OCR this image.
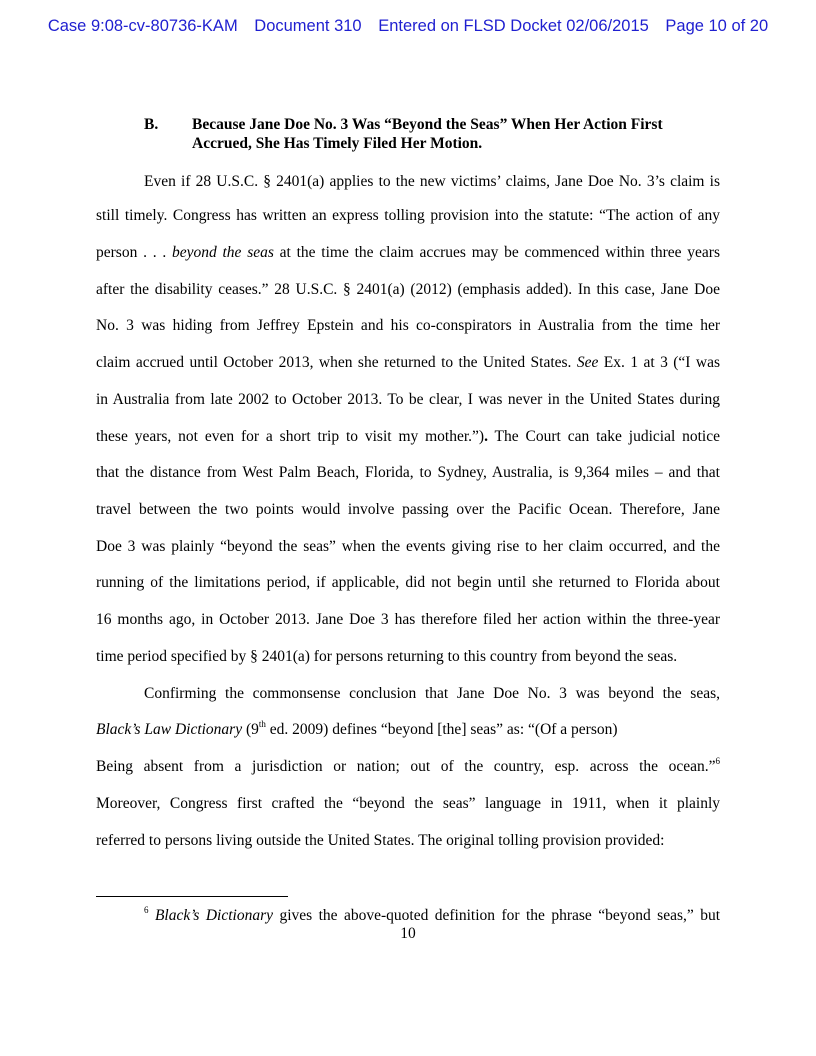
Case 9:08-cv-80736-KAM Document 310 Entered on FLSD Docket 02/06/2015 Page 10 of 20
B. Because Jane Doe No. 3 Was “Beyond the Seas” When Her Action First
Accrued, She Has Timely Filed Her Motion.
Even if 28 U.S.C. § 2401(a) applies to the new victims’ claims, Jane Doe No. 3’s claim is
still timely. Congress has written an express tolling provision into the statute: “The action of any
person . . . beyond the seas at the time the claim accrues may be commenced within three years
after the disability ceases.” 28 U.S.C. § 2401(a) (2012) (emphasis added). In this case, Jane Doe
No. 3 was hiding from Jeffrey Epstein and his co-conspirators in Australia from the time her
claim accrued until October 2013, when she returned to the United States. See Ex. 1 at 3 (“I was
in Australia from late 2002 to October 2013. To be clear, I was never in the United States during
these years, not even for a short trip to visit my mother.”). The Court can take judicial notice
that the distance from West Palm Beach, Florida, to Sydney, Australia, is 9,364 miles – and that
travel between the two points would involve passing over the Pacific Ocean. Therefore, Jane
Doe 3 was plainly “beyond the seas” when the events giving rise to her claim occurred, and the
running of the limitations period, if applicable, did not begin until she returned to Florida about
16 months ago, in October 2013. Jane Doe 3 has therefore filed her action within the three-year
time period specified by § 2401(a) for persons returning to this country from beyond the seas.
Confirming the commonsense conclusion that Jane Doe No. 3 was beyond the seas,
Black’s Law Dictionary (9th ed. 2009) defines “beyond [the] seas” as: “(Of a person)
Being absent from a jurisdiction or nation; out of the country, esp. across the ocean.”$^6$
Moreover, Congress first crafted the “beyond the seas” language in 1911, when it plainly
referred to persons living outside the United States. The original tolling provision provided:
$^6$ Black’s Dictionary gives the above-quoted definition for the phrase “beyond seas,” but
10
